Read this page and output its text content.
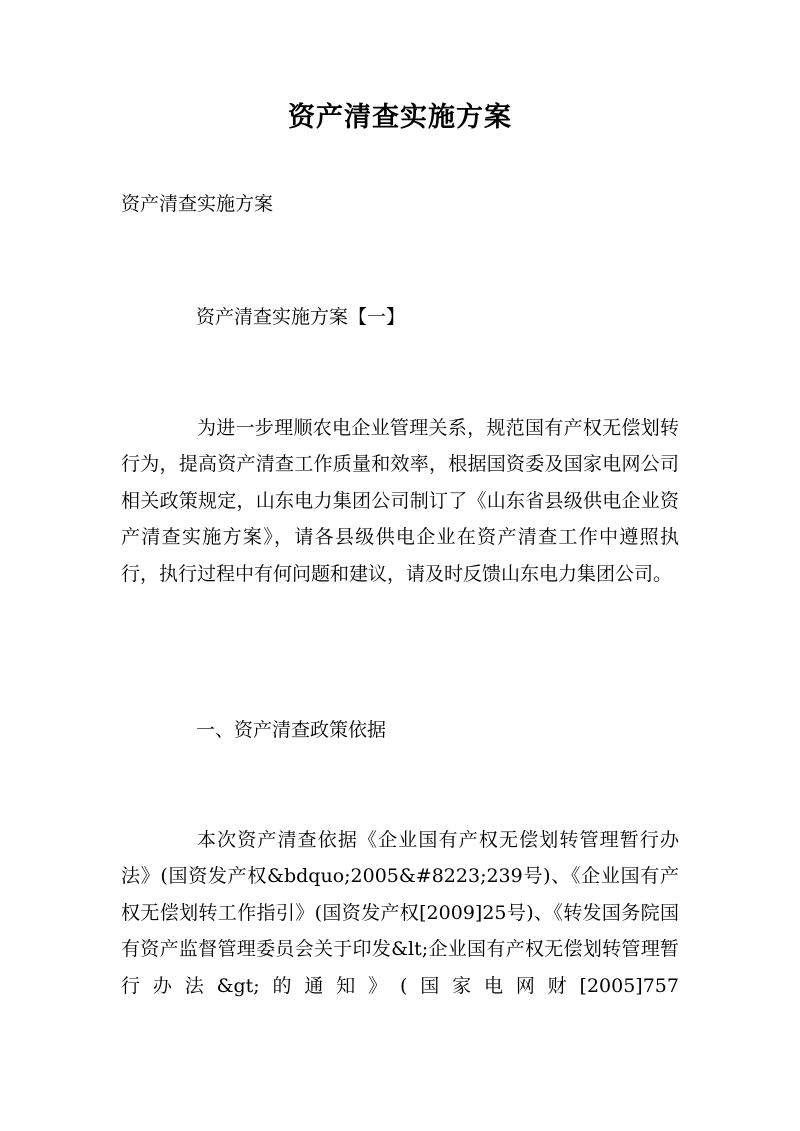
资产清查实施方案
资产清查实施方案
资产清查实施方案【一】
为进一步理顺农电企业管理关系，规范国有产权无偿划转行为，提高资产清查工作质量和效率，根据国资委及国家电网公司相关政策规定，山东电力集团公司制订了《山东省县级供电企业资产清查实施方案》，请各县级供电企业在资产清查工作中遵照执行，执行过程中有何问题和建议，请及时反馈山东电力集团公司。
一、资产清查政策依据
本次资产清查依据《企业国有产权无偿划转管理暂行办法》(国资发产权&bdquo;2005&#8223;239号)、《企业国有产权无偿划转工作指引》(国资发产权[2009]25号)、《转发国务院国有资产监督管理委员会关于印发&lt;企业国有产权无偿划转管理暂行办法&gt;的通知》(国家电网财[2005]757
